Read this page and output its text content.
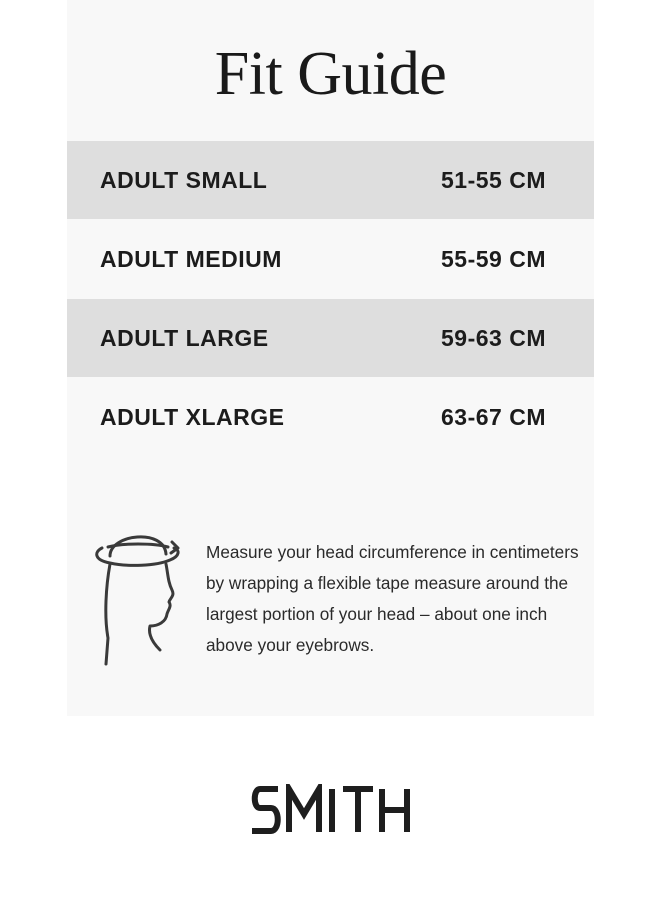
Fit Guide
ADULT SMALL	51-55 CM
ADULT MEDIUM	55-59 CM
ADULT LARGE	59-63 CM
ADULT XLARGE	63-67 CM
Measure your head circumference in centimeters by wrapping a flexible tape measure around the largest portion of your head – about one inch above your eyebrows.
